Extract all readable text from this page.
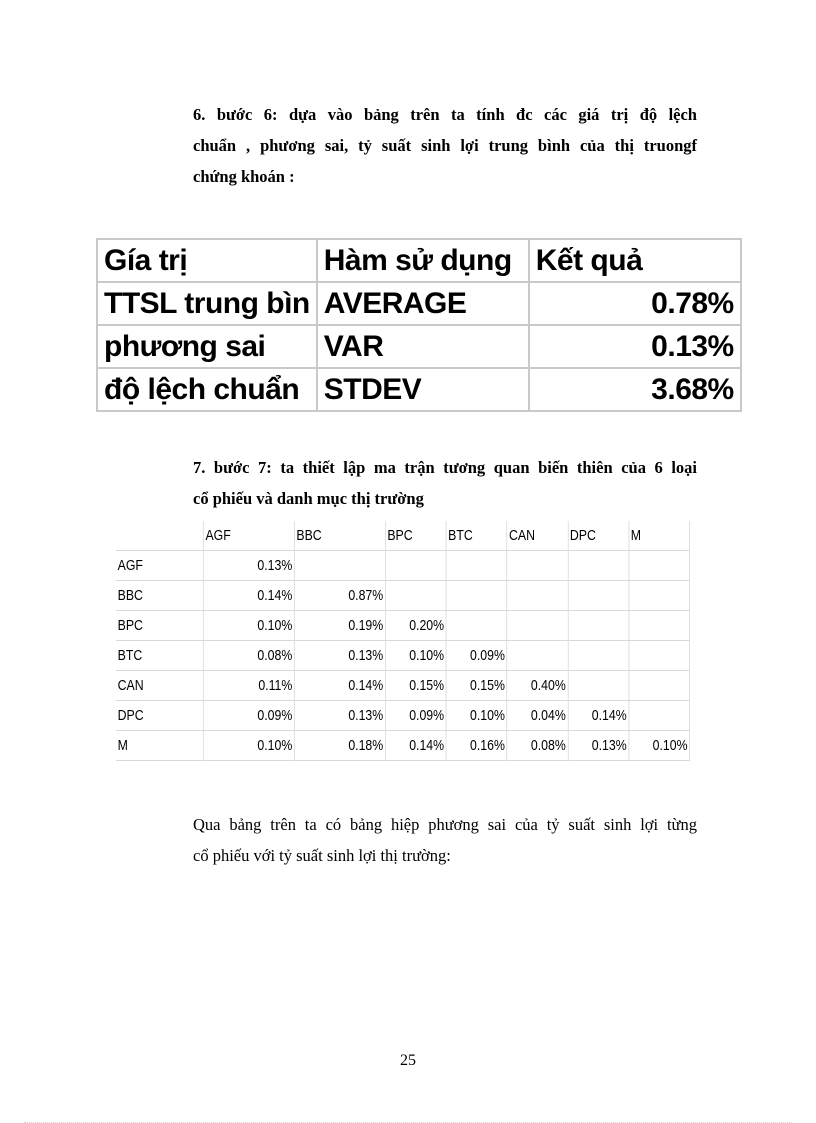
6. bước 6: dựa vào bảng trên ta tính đc các giá trị độ lệch
chuẩn , phương sai, tỷ suất sinh lợi trung bình của thị truongf
chứng khoán :
Gía trị	Hàm sử dụng	Kết quả
TTSL trung bìn	AVERAGE	0.78%
phương sai	VAR	0.13%
độ lệch chuẩn	STDEV	3.68%
7. bước 7: ta thiết lập ma trận tương quan biến thiên của 6 loại
cổ phiếu và danh mục thị trường
	AGF	BBC	BPC	BTC	CAN	DPC	M
AGF	0.13%						
BBC	0.14%	0.87%					
BPC	0.10%	0.19%	0.20%				
BTC	0.08%	0.13%	0.10%	0.09%			
CAN	0.11%	0.14%	0.15%	0.15%	0.40%		
DPC	0.09%	0.13%	0.09%	0.10%	0.04%	0.14%	
M	0.10%	0.18%	0.14%	0.16%	0.08%	0.13%	0.10%
Qua bảng trên ta có bảng hiệp phương sai của tỷ suất sinh lợi từng
cổ phiếu với tỷ suất sinh lợi thị trường:
25
